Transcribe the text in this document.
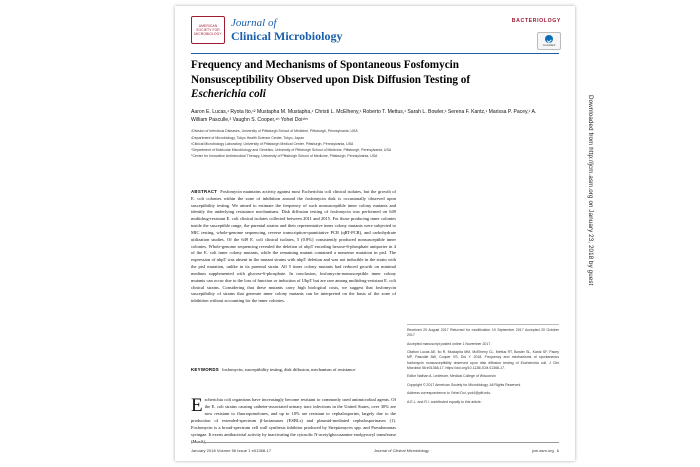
Downloaded from http://jcm.asm.org on January 23, 2018 by guest
AMERICAN SOCIETY FOR MICROBIOLOGY
Journal of
Clinical Microbiology
BACTERIOLOGY
CrossMark
Frequency and Mechanisms of Spontaneous Fosfomycin
Nonsusceptibility Observed upon Disk Diffusion Testing of
Escherichia coli
Aaron E. Lucas,¹ Ryota Ito,¹² Mustapha M. Mustapha,¹ Christi L. McElheny,¹ Roberto T. Mettus,¹ Sarah L. Bowler,¹ Serena F. Kantz,¹ Marissa P. Pacey,¹ A. William Pasculle,³ Vaughn S. Cooper,⁴ʰ Yohei Doi¹ʰ⁵
¹Division of Infectious Diseases, University of Pittsburgh School of Medicine, Pittsburgh, Pennsylvania, USA
²Department of Microbiology, Tokyo Health Science Center, Tokyo, Japan
³Clinical Microbiology Laboratory, University of Pittsburgh Medical Center, Pittsburgh, Pennsylvania, USA
⁴Department of Molecular Microbiology and Genetics, University of Pittsburgh School of Medicine, Pittsburgh, Pennsylvania, USA
⁵Center for Innovative Antimicrobial Therapy, University of Pittsburgh School of Medicine, Pittsburgh, Pennsylvania, USA
ABSTRACT Fosfomycin maintains activity against most Escherichia coli clinical isolates, but the growth of E. coli colonies within the zone of inhibition around the fosfomycin disk is occasionally observed upon susceptibility testing. We aimed to estimate the frequency of such nonsusceptible inner colony mutants and identify the underlying resistance mechanisms. Disk diffusion testing of fosfomycin was performed on 649 multidrug-resistant E. coli clinical isolates collected between 2011 and 2015. For those producing inner colonies inside the susceptible range, the parental strains and their representative inner colony mutants were subjected to MIC testing, whole-genome sequencing, reverse transcription-quantitative PCR (qRT-PCR), and carbohydrate utilization studies. Of the 649 E. coli clinical isolates, 5 (0.8%) consistently produced nonsusceptible inner colonies. Whole-genome sequencing revealed the deletion of uhpT encoding hexose-6-phosphate antiporter in 4 of the E. coli inner colony mutants, while the remaining mutant contained a nonsense mutation in ptsI. The expression of uhpT was absent in the mutant strains with uhpT deletion and was not inducible in the strain with the ptsI mutation, unlike in its parental strain. All 5 inner colony mutants had reduced growth on minimal medium supplemented with glucose-6-phosphate. In conclusion, fosfomycin-nonsusceptible inner colony mutants can occur due to the loss of function or induction of UhpT but are rare among multidrug-resistant E. coli clinical strains. Considering that these mutants carry high biological costs, we suggest that fosfomycin susceptibility of strains that generate inner colony mutants can be interpreted on the basis of the zone of inhibition without accounting for the inner colonies.
KEYWORDS fosfomycin, susceptibility testing, disk diffusion, mechanism of resistance
E scherichia coli organisms have increasingly become resistant to commonly used antimicrobial agents. Of the E. coli strains causing catheter-associated urinary tract infections in the United States, over 30% are now resistant to fluoroquinolones, and up to 10% are resistant to cephalosporins, largely due to the production of extended-spectrum β-lactamases (ESBLs) and plasmid-mediated cephalosporinases (1). Fosfomycin is a broad-spectrum cell wall synthesis inhibitor produced by Streptomyces spp. and Pseudomonas syringae. It exerts antibacterial activity by inactivating the cytosolic N-acetylglucosamine enolpyruvyl transferase (MurA),

Received 20 August 2017 Returned for modification 19 September 2017 Accepted 20 October 2017

Accepted manuscript posted online 1 November 2017

Citation Lucas AE, Ito R, Mustapha MM, McElheny CL, Mettus RT, Bowler SL, Kantz SF, Pacey MP, Pasculle AW, Cooper VS, Doi Y. 2018. Frequency and mechanisms of spontaneous fosfomycin nonsusceptibility observed upon disk diffusion testing of Escherichia coli. J Clin Microbiol 56:e01368-17. https://doi.org/10.1128/JCM.01368-17.

Editor Nathan A. Ledeboer, Medical College of Wisconsin

Copyright © 2017 American Society for Microbiology. All Rights Reserved.

Address correspondence to Yohei Doi, yod4@pitt.edu.

A.E.L. and R.I. contributed equally to this article.

January 2018 Volume 56 Issue 1 e01368-17	Journal of Clinical Microbiology	jcm.asm.org 1
